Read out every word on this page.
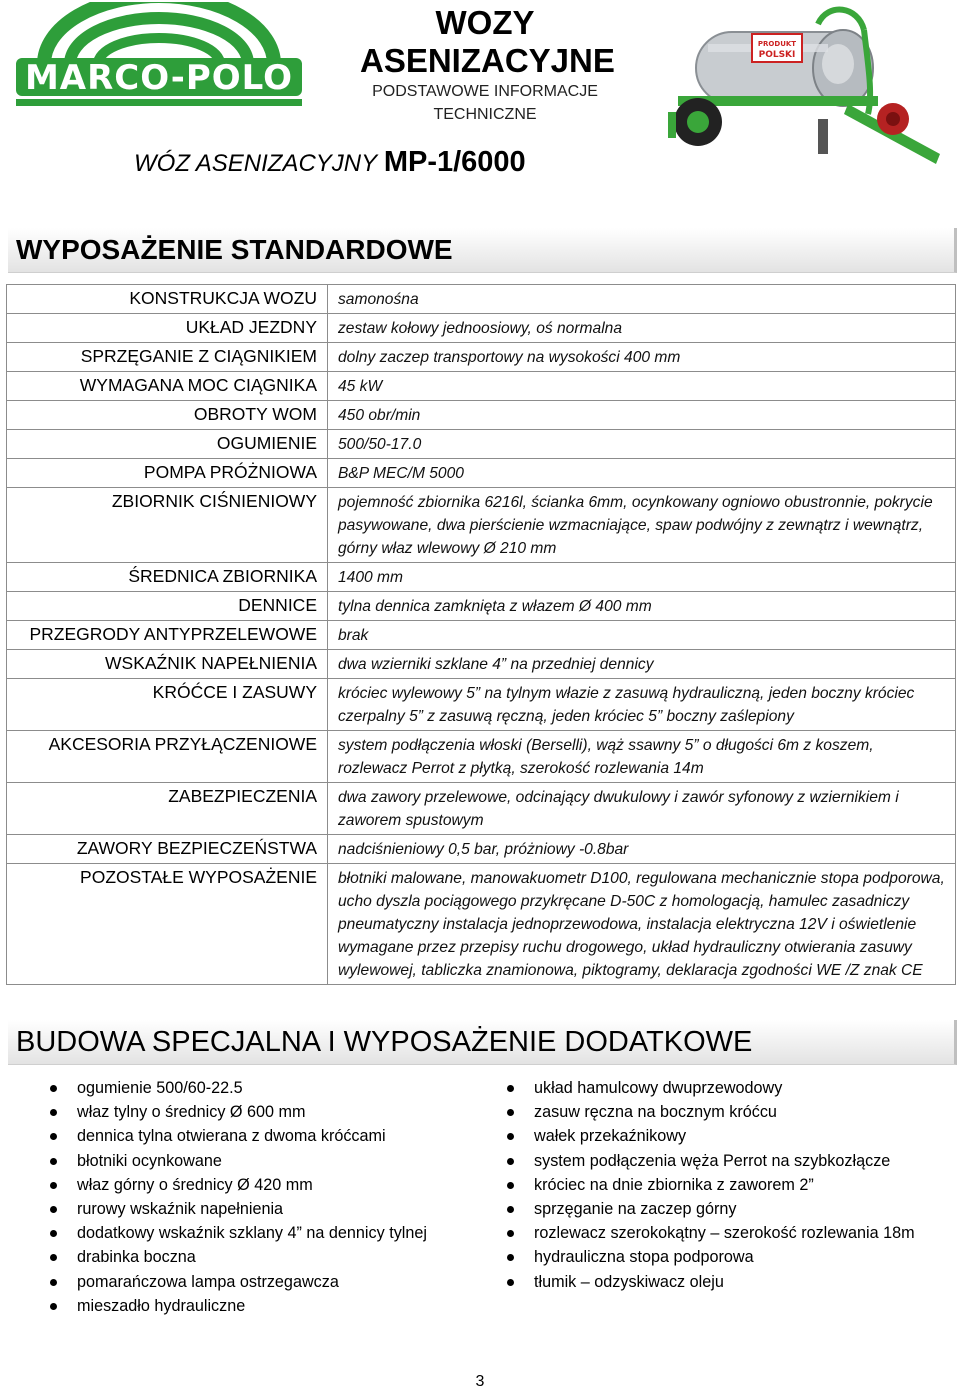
MARCO-POLO
WOZY
ASENIZACYJNE
PODSTAWOWE INFORMACJE
TECHNICZNE
WÓZ ASENIZACYJNY MP-1/6000
PRODUKT
POLSKI
WYPOSAŻENIE STANDARDOWE
KONSTRUKCJA WOZU	samonośna
UKŁAD JEZDNY	zestaw kołowy jednoosiowy, oś normalna
SPRZĘGANIE Z CIĄGNIKIEM	dolny zaczep transportowy na wysokości 400 mm
WYMAGANA MOC CIĄGNIKA	45 kW
OBROTY WOM	450 obr/min
OGUMIENIE	500/50-17.0
POMPA PRÓŻNIOWA	B&P MEC/M 5000
ZBIORNIK CIŚNIENIOWY	pojemność zbiornika 6216l, ścianka 6mm, ocynkowany ogniowo obustronnie, pokrycie pasywowane, dwa pierścienie wzmacniające, spaw podwójny z zewnątrz i wewnątrz, górny właz wlewowy Ø 210 mm
ŚREDNICA ZBIORNIKA	1400 mm
DENNICE	tylna dennica zamknięta z włazem Ø 400 mm
PRZEGRODY ANTYPRZELEWOWE	brak
WSKAŹNIK NAPEŁNIENIA	dwa wzierniki szklane 4” na przedniej dennicy
KRÓĆCE I ZASUWY	króciec wylewowy 5” na tylnym włazie z zasuwą hydrauliczną, jeden boczny króciec czerpalny 5” z zasuwą ręczną, jeden króciec 5” boczny zaślepiony
AKCESORIA PRZYŁĄCZENIOWE	system podłączenia włoski (Berselli), wąż ssawny 5” o długości 6m z koszem, rozlewacz Perrot z płytką, szerokość rozlewania 14m
ZABEZPIECZENIA	dwa zawory przelewowe, odcinający dwukulowy i zawór syfonowy z wziernikiem i zaworem spustowym
ZAWORY BEZPIECZEŃSTWA	nadciśnieniowy 0,5 bar, próżniowy -0.8bar
POZOSTAŁE WYPOSAŻENIE	błotniki malowane, manowakuometr D100, regulowana mechanicznie stopa podporowa, ucho dyszla pociągowego przykręcane D-50C z homologacją, hamulec zasadniczy pneumatyczny instalacja jednoprzewodowa, instalacja elektryczna 12V i oświetlenie wymagane przez przepisy ruchu drogowego, układ hydrauliczny otwierania zasuwy wylewowej, tabliczka znamionowa, piktogramy, deklaracja zgodności WE /Z znak CE
BUDOWA SPECJALNA I WYPOSAŻENIE DODATKOWE
ogumienie 500/60-22.5
właz tylny o średnicy Ø 600 mm
dennica tylna otwierana z dwoma króćcami
błotniki ocynkowane
właz górny o średnicy Ø 420 mm
rurowy wskaźnik napełnienia
dodatkowy wskaźnik szklany 4” na dennicy tylnej
drabinka boczna
pomarańczowa lampa ostrzegawcza
mieszadło hydrauliczne
układ hamulcowy dwuprzewodowy
zasuw ręczna na bocznym króćcu
wałek przekaźnikowy
system podłączenia węża Perrot na szybkozłącze
króciec na dnie zbiornika z zaworem 2”
sprzęganie na zaczep górny
rozlewacz szerokokątny – szerokość rozlewania 18m
hydrauliczna stopa podporowa
tłumik – odzyskiwacz oleju
3
